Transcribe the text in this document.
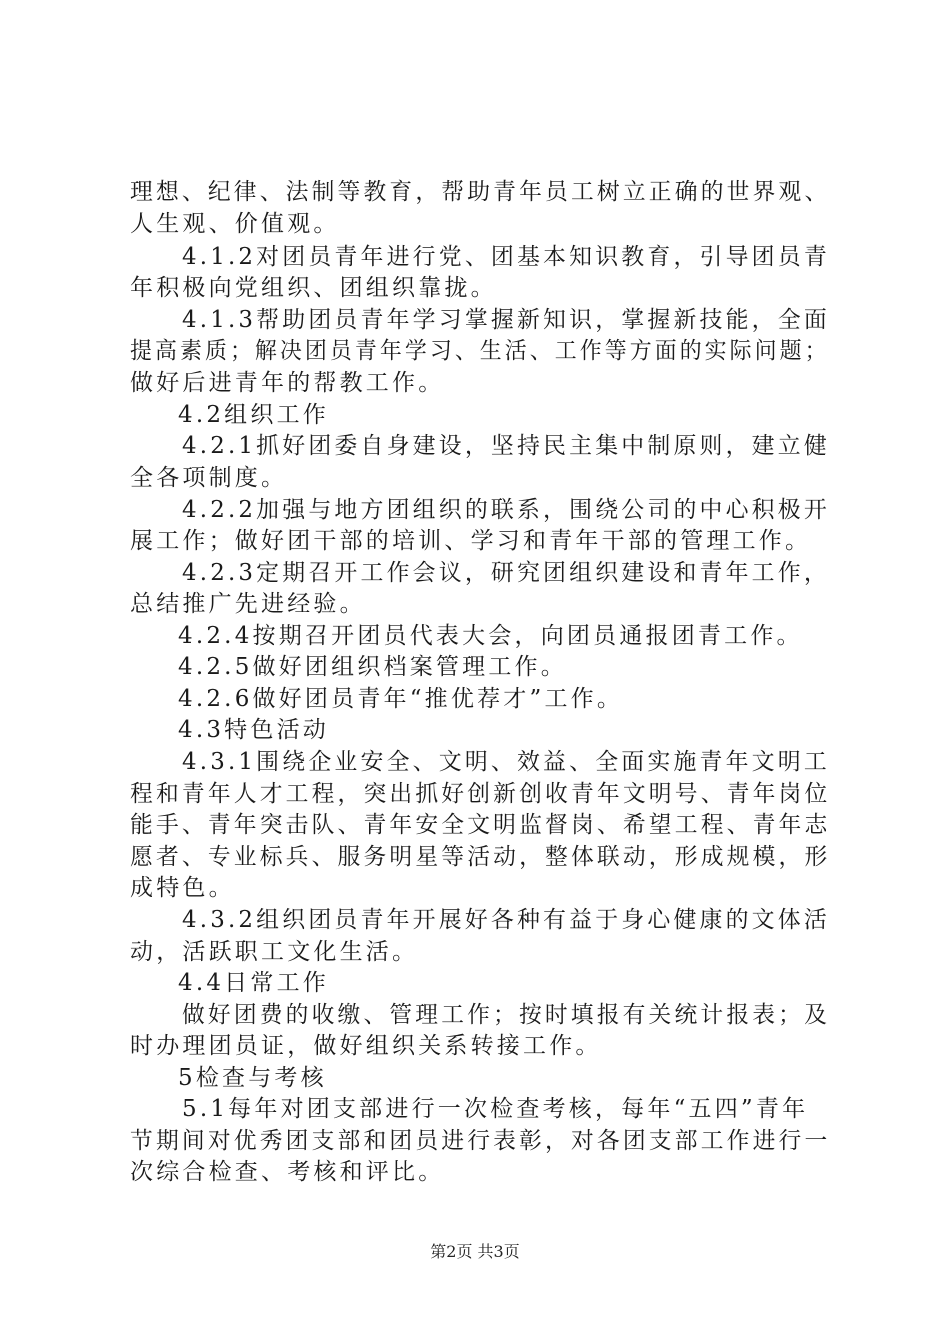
理想、纪律、法制等教育，帮助青年员工树立正确的世界观、
人生观、价值观。
4.1.2对团员青年进行党、团基本知识教育，引导团员青
年积极向党组织、团组织靠拢。
4.1.3帮助团员青年学习掌握新知识，掌握新技能，全面
提高素质；解决团员青年学习、生活、工作等方面的实际问题；
做好后进青年的帮教工作。
4.2组织工作
4.2.1抓好团委自身建设，坚持民主集中制原则，建立健
全各项制度。
4.2.2加强与地方团组织的联系，围绕公司的中心积极开
展工作；做好团干部的培训、学习和青年干部的管理工作。
4.2.3定期召开工作会议，研究团组织建设和青年工作，
总结推广先进经验。
4.2.4按期召开团员代表大会，向团员通报团青工作。
4.2.5做好团组织档案管理工作。
4.2.6做好团员青年“推优荐才”工作。
4.3特色活动
4.3.1围绕企业安全、文明、效益、全面实施青年文明工
程和青年人才工程，突出抓好创新创收青年文明号、青年岗位
能手、青年突击队、青年安全文明监督岗、希望工程、青年志
愿者、专业标兵、服务明星等活动，整体联动，形成规模，形
成特色。
4.3.2组织团员青年开展好各种有益于身心健康的文体活
动，活跃职工文化生活。
4.4日常工作
做好团费的收缴、管理工作；按时填报有关统计报表；及
时办理团员证，做好组织关系转接工作。
5检查与考核
5.1每年对团支部进行一次检查考核，每年“五四”青年
节期间对优秀团支部和团员进行表彰，对各团支部工作进行一
次综合检查、考核和评比。
第2页 共3页
